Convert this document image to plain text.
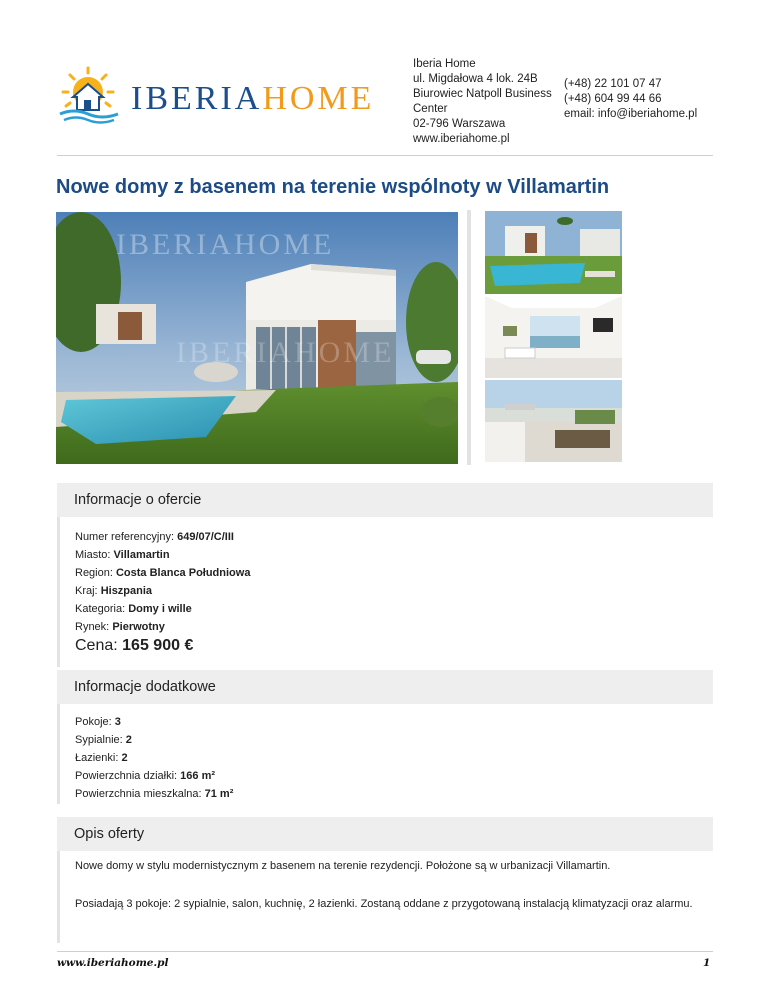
IBERIAHOME
Iberia Home
ul. Migdałowa 4 lok. 24B
Biurowiec Natpoll Business
Center
02-796 Warszawa
www.iberiahome.pl
(+48) 22 101 07 47
(+48) 604 99 44 66
email: info@iberiahome.pl
Nowe domy z basenem na terenie wspólnoty w Villamartin
IBERIAHOME
IBERIAHOME
Informacje o ofercie
Numer referencyjny: 649/07/C/III
Miasto: Villamartin
Region: Costa Blanca Południowa
Kraj: Hiszpania
Kategoria: Domy i wille
Rynek: Pierwotny
Cena: 165 900 €
Informacje dodatkowe
Pokoje: 3
Sypialnie: 2
Łazienki: 2
Powierzchnia działki: 166 m²
Powierzchnia mieszkalna: 71 m²
Opis oferty
Nowe domy w stylu modernistycznym z basenem na terenie rezydencji. Położone są w urbanizacji Villamartin.
Posiadają 3 pokoje: 2 sypialnie, salon, kuchnię, 2 łazienki. Zostaną oddane z przygotowaną instalacją klimatyzacji oraz alarmu.
www.iberiahome.pl	1
